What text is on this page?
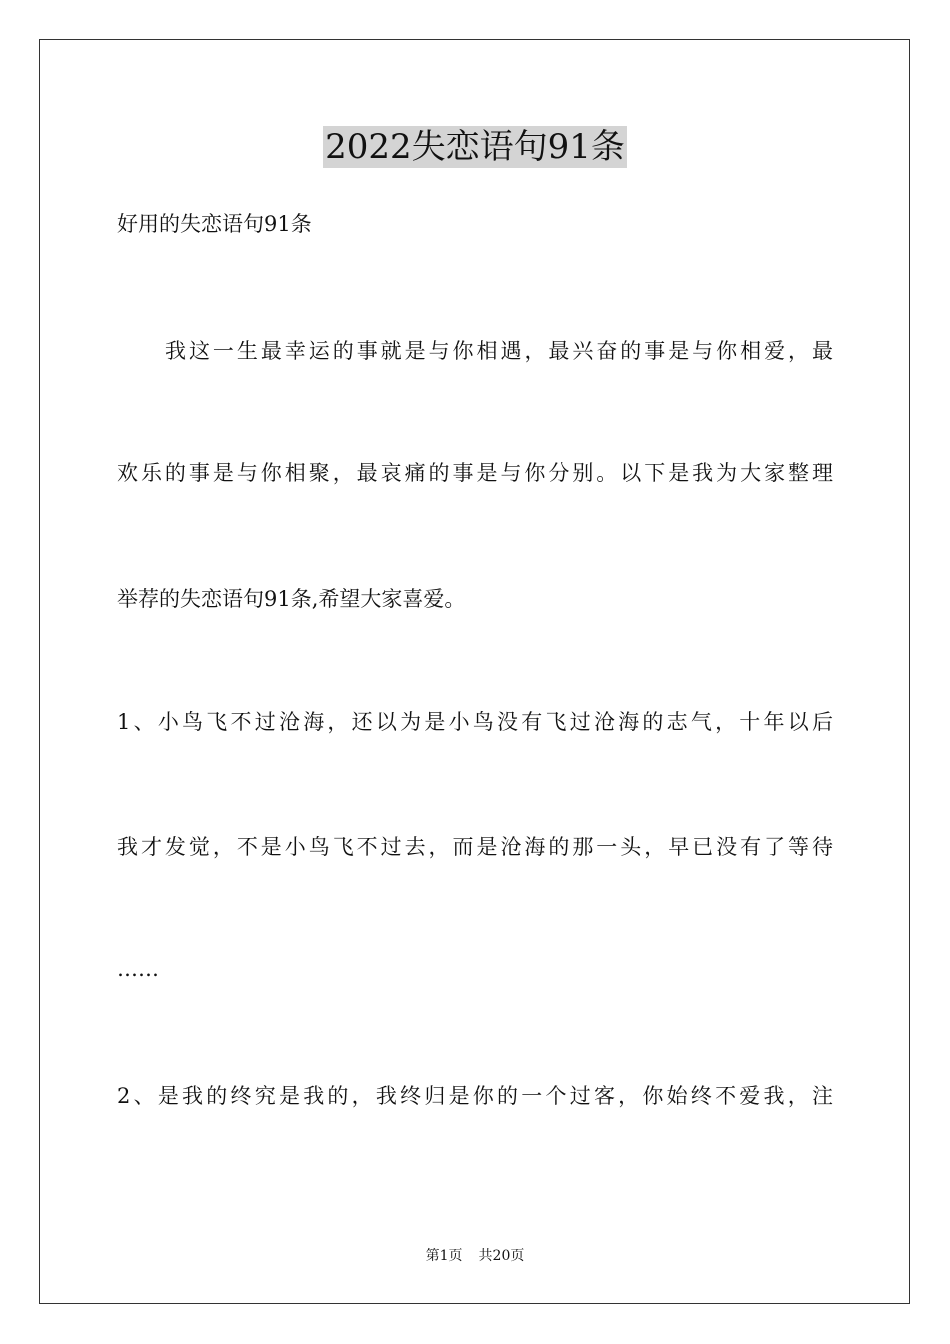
2022失恋语句91条
好用的失恋语句91条
我这一生最幸运的事就是与你相遇，最兴奋的事是与你相爱，最
欢乐的事是与你相聚，最哀痛的事是与你分别。以下是我为大家整理
举荐的失恋语句91条,希望大家喜爱。
1、小鸟飞不过沧海，还以为是小鸟没有飞过沧海的志气，十年以后
我才发觉，不是小鸟飞不过去，而是沧海的那一头，早已没有了等待
……
2、是我的终究是我的，我终归是你的一个过客，你始终不爱我，注
第1页 共20页
